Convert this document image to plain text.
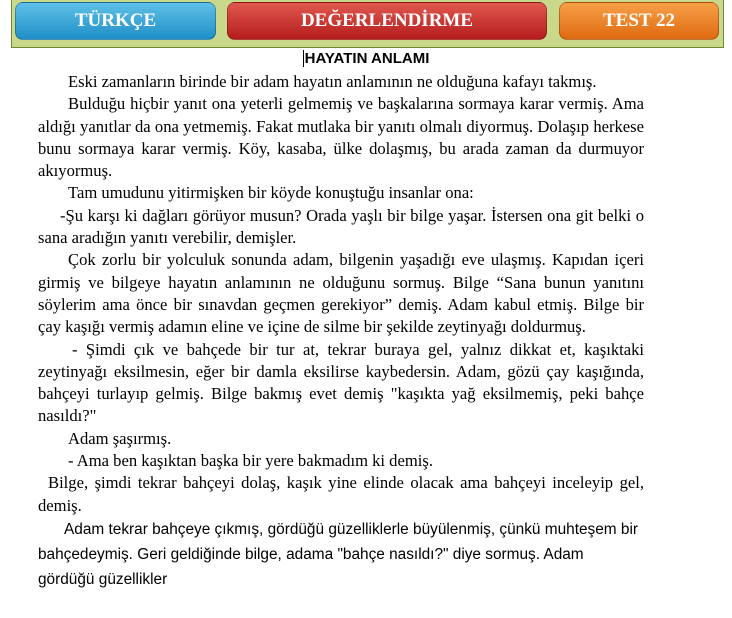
TÜRKÇE	DEĞERLENDİRME	TEST 22
HAYATIN ANLAMI

Eski zamanların birinde bir adam hayatın anlamının ne olduğuna kafayı takmış.

Bulduğu hiçbir yanıt ona yeterli gelmemiş ve başkalarına sormaya karar vermiş. Ama aldığı yanıtlar da ona yetmemiş. Fakat mutlaka bir yanıtı olmalı diyormuş. Dolaşıp herkese bunu sormaya karar vermiş. Köy, kasaba, ülke dolaşmış, bu arada zaman da durmuyor akıyormuş.

Tam umudunu yitirmişken bir köyde konuştuğu insanlar ona:

-Şu karşı ki dağları görüyor musun? Orada yaşlı bir bilge yaşar. İstersen ona git belki o sana aradığın yanıtı verebilir, demişler.

Çok zorlu bir yolculuk sonunda adam, bilgenin yaşadığı eve ulaşmış. Kapıdan içeri girmiş ve bilgeye hayatın anlamının ne olduğunu sormuş. Bilge “Sana bunun yanıtını söylerim ama önce bir sınavdan geçmen gerekiyor” demiş. Adam kabul etmiş. Bilge bir çay kaşığı vermiş adamın eline ve içine de silme bir şekilde zeytinyağı doldurmuş.

- Şimdi çık ve bahçede bir tur at, tekrar buraya gel, yalnız dikkat et, kaşıktaki zeytinyağı eksilmesin, eğer bir damla eksilirse kaybedersin. Adam, gözü çay kaşığında, bahçeyi turlayıp gelmiş. Bilge bakmış evet demiş "kaşıkta yağ eksilmemiş, peki bahçe nasıldı?"

Adam şaşırmış.

- Ama ben kaşıktan başka bir yere bakmadım ki demiş.

Bilge, şimdi tekrar bahçeyi dolaş, kaşık yine elinde olacak ama bahçeyi inceleyip gel, demiş.

Adam tekrar bahçeye çıkmış, gördüğü güzelliklerle büyülenmiş, çünkü muhteşem bir bahçedeymiş. Geri geldiğinde bilge, adama "bahçe nasıldı?" diye sormuş. Adam gördüğü güzellikler
